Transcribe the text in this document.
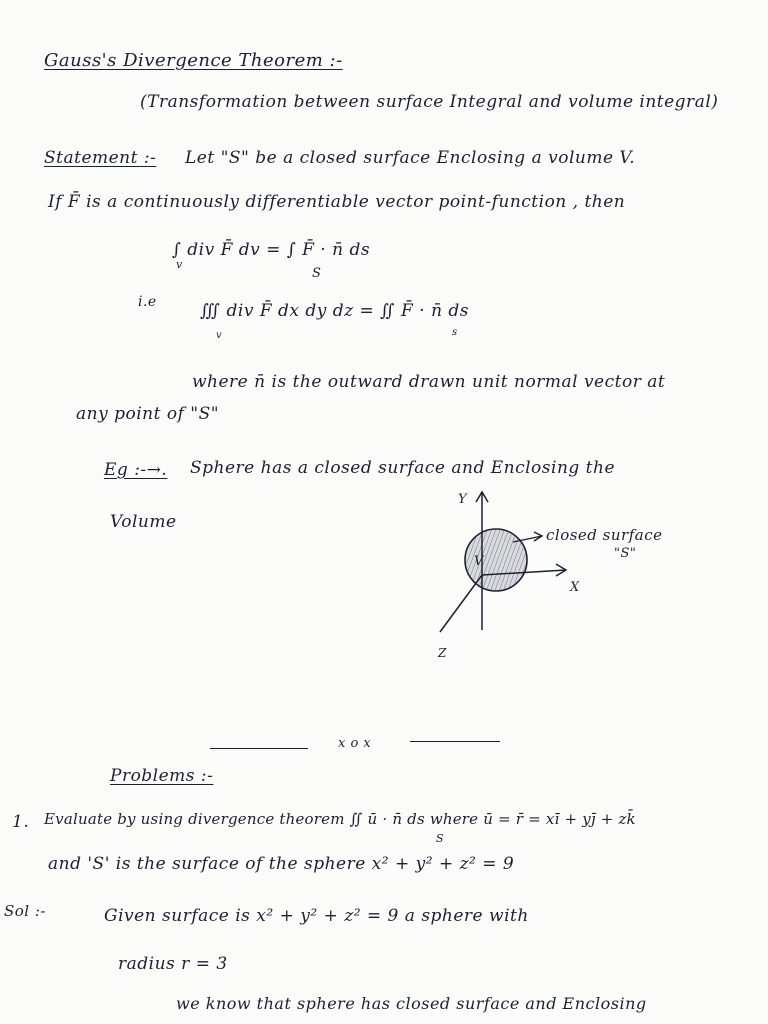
Gauss's Divergence Theorem :-
(Transformation between surface Integral and volume integral)
Statement :- Let "S" be a closed surface Enclosing a volume V.
If F̄ is a continuously differentiable vector point-function , then
∫ div F̄ dv = ∫ F̄ · n̄ ds
v
S
i.e	∭ div F̄ dx dy dz = ∬ F̄ · n̄ ds
v	s
where n̄ is the outward drawn unit normal vector at
any point of "S"
Eg :-→. Sphere has a closed surface and Enclosing the
Volume
Y
X
Z
V
closed surface
"S"
x o x
Problems :-
1. Evaluate by using divergence theorem ∬ ū · n̄ ds where ū = r̄ = xī + yj̄ + zk̄
S
and 'S' is the surface of the sphere x² + y² + z² = 9
Sol :-	Given surface is x² + y² + z² = 9 a sphere with
radius r = 3
we know that sphere has closed surface and Enclosing
